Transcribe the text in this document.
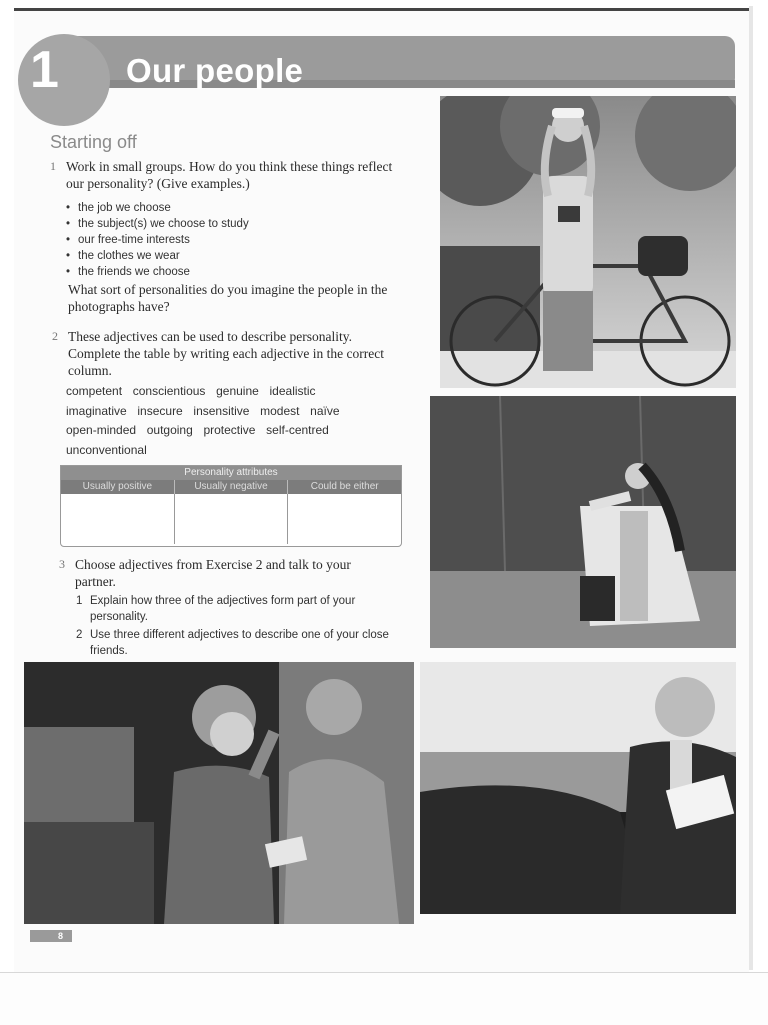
1 Our people
Starting off
1 Work in small groups. How do you think these things reflect our personality? (Give examples.)
• the job we choose
• the subject(s) we choose to study
• our free-time interests
• the clothes we wear
• the friends we choose
What sort of personalities do you imagine the people in the photographs have?
2 These adjectives can be used to describe personality. Complete the table by writing each adjective in the correct column.
competent conscientious genuine idealistic
imaginative insecure insensitive modest naïve
open-minded outgoing protective self-centred
unconventional
Personality attributes
Usually positive	Usually negative	Could be either
3 Choose adjectives from Exercise 2 and talk to your partner.
1 Explain how three of the adjectives form part of your personality.
2 Use three different adjectives to describe one of your close friends.
8
